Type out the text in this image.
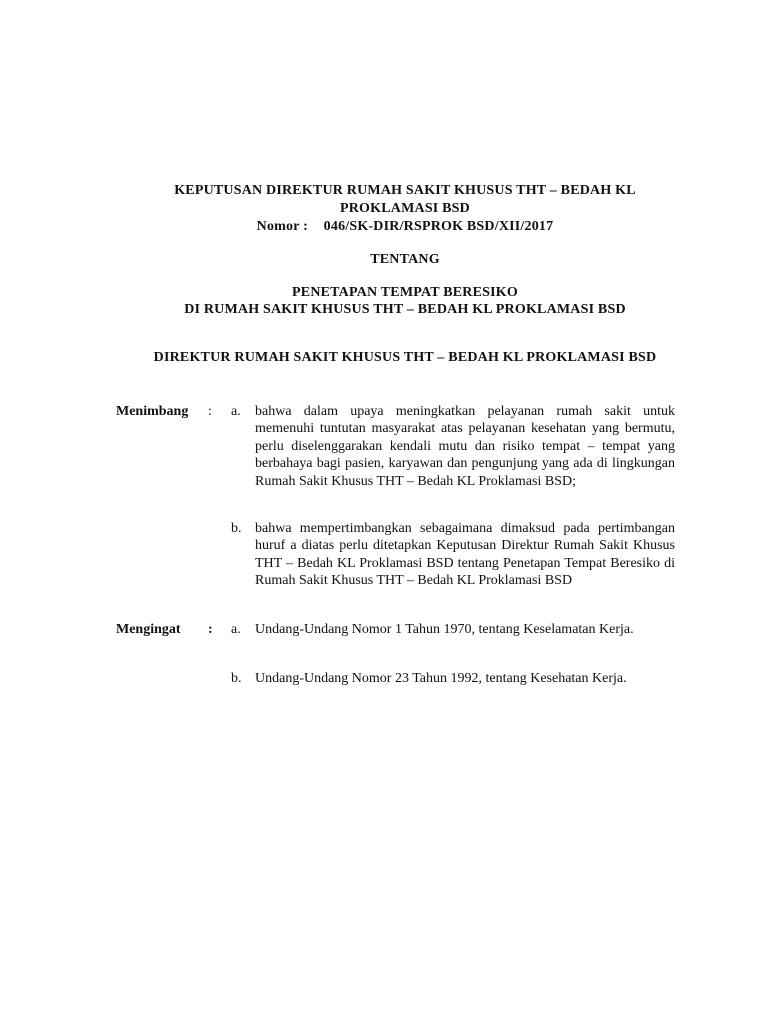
KEPUTUSAN DIREKTUR RUMAH SAKIT KHUSUS THT – BEDAH KL
PROKLAMASI BSD
Nomor : 046/SK-DIR/RSPROK BSD/XII/2017
TENTANG
PENETAPAN TEMPAT BERESIKO
DI RUMAH SAKIT KHUSUS THT – BEDAH KL PROKLAMASI BSD
DIREKTUR RUMAH SAKIT KHUSUS THT – BEDAH KL PROKLAMASI BSD
Menimbang : a. bahwa dalam upaya meningkatkan pelayanan rumah sakit untuk memenuhi tuntutan masyarakat atas pelayanan kesehatan yang bermutu, perlu diselenggarakan kendali mutu dan risiko tempat – tempat yang berbahaya bagi pasien, karyawan dan pengunjung yang ada di lingkungan Rumah Sakit Khusus THT – Bedah KL Proklamasi BSD;
b. bahwa mempertimbangkan sebagaimana dimaksud pada pertimbangan huruf a diatas perlu ditetapkan Keputusan Direktur Rumah Sakit Khusus THT – Bedah KL Proklamasi BSD tentang Penetapan Tempat Beresiko di Rumah Sakit Khusus THT – Bedah KL Proklamasi BSD
Mengingat : a. Undang-Undang Nomor 1 Tahun 1970, tentang Keselamatan Kerja.
b. Undang-Undang Nomor 23 Tahun 1992, tentang Kesehatan Kerja.
